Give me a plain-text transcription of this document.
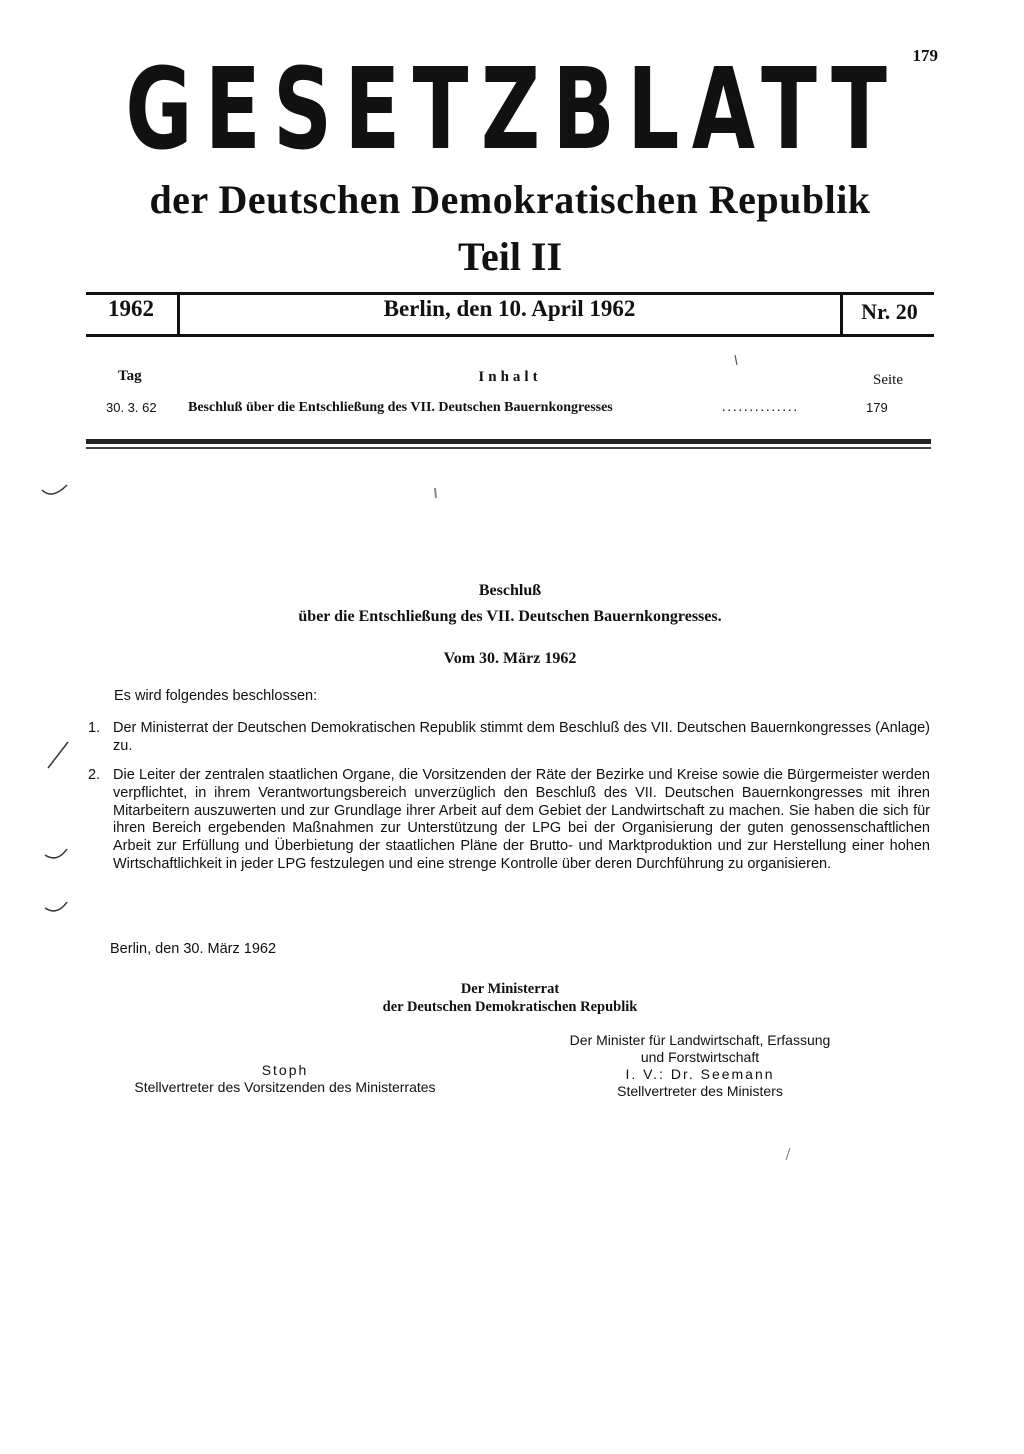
179
GESETZBLATT
der Deutschen Demokratischen Republik
Teil II
1962	Berlin, den 10. April 1962	Nr. 20
Tag	Inhalt	Seite
30. 3. 62 Beschluß über die Entschließung des VII. Deutschen Bauernkongresses	..............	179
Beschluß
über die Entschließung des VII. Deutschen Bauernkongresses.
Vom 30. März 1962
Es wird folgendes beschlossen:
1. Der Ministerrat der Deutschen Demokratischen Republik stimmt dem Beschluß des VII. Deutschen Bauernkongresses (Anlage) zu.
2. Die Leiter der zentralen staatlichen Organe, die Vorsitzenden der Räte der Bezirke und Kreise sowie die Bürgermeister werden verpflichtet, in ihrem Verantwortungsbereich unverzüglich den Beschluß des VII. Deutschen Bauernkongresses mit ihren Mitarbeitern auszuwerten und zur Grundlage ihrer Arbeit auf dem Gebiet der Landwirtschaft zu machen. Sie haben die sich für ihren Bereich ergebenden Maßnahmen zur Unterstützung der LPG bei der Organisierung der guten genossenschaftlichen Arbeit zur Erfüllung und Überbietung der staatlichen Pläne der Brutto- und Marktproduktion und zur Herstellung einer hohen Wirtschaftlichkeit in jeder LPG festzulegen und eine strenge Kontrolle über deren Durchführung zu organisieren.
Berlin, den 30. März 1962
Der Ministerrat
der Deutschen Demokratischen Republik
Stoph
Stellvertreter des Vorsitzenden des Ministerrates
Der Minister für Landwirtschaft, Erfassung
und Forstwirtschaft
I. V.: Dr. Seemann
Stellvertreter des Ministers
